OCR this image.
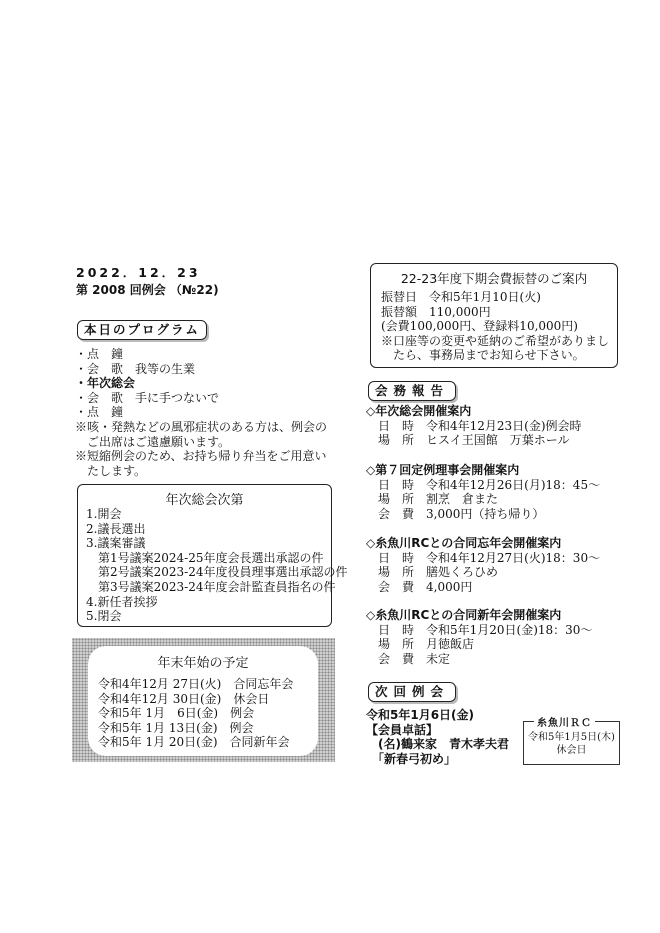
2022．12．23
第 2008 回例会 （№22)
本日のプログラム
・点　鐘
・会　歌　我等の生業
・年次総会
・会　歌　手に手つないで
・点　鐘
※咳・発熱などの風邪症状のある方は、例会の
　ご出席はご遠慮願います。
※短縮例会のため、お持ち帰り弁当をご用意い
　たします。
年次総会次第
1.開会
2.議長選出
3.議案審議
　第1号議案2024-25年度会長選出承認の件
　第2号議案2023-24年度役員理事選出承認の件
　第3号議案2023-24年度会計監査員指名の件
4.新任者挨拶
5.閉会
年末年始の予定
令和4年12月 27日(火)　合同忘年会
令和4年12月 30日(金)　休会日
令和5年 1月　6日(金)　例会
令和5年 1月 13日(金)　例会
令和5年 1月 20日(金)　合同新年会
22-23年度下期会費振替のご案内
振替日　令和5年1月10日(火)
振替額　110,000円
(会費100,000円、登録料10,000円)
※口座等の変更や延納のご希望がありまし
　たら、事務局までお知らせ下さい。
会務報告
◇年次総会開催案内
日　時　令和4年12月23日(金)例会時
場　所　ヒスイ王国館　万葉ホール
◇第７回定例理事会開催案内
日　時　令和4年12月26日(月)18：45～
場　所　割烹　倉また
会　費　3,000円（持ち帰り）
◇糸魚川RCとの合同忘年会開催案内
日　時　令和4年12月27日(火)18：30～
場　所　膳処くろひめ
会　費　4,000円
◇糸魚川RCとの合同新年会開催案内
日　時　令和5年1月20日(金)18：30～
場　所　月徳飯店
会　費　未定
次回例会
令和5年1月6日(金)
【会員卓話】
　(名)鶴来家　青木孝夫君
　「新春弓初め」
糸魚川ＲＣ
令和5年1月5日(木)
休会日
